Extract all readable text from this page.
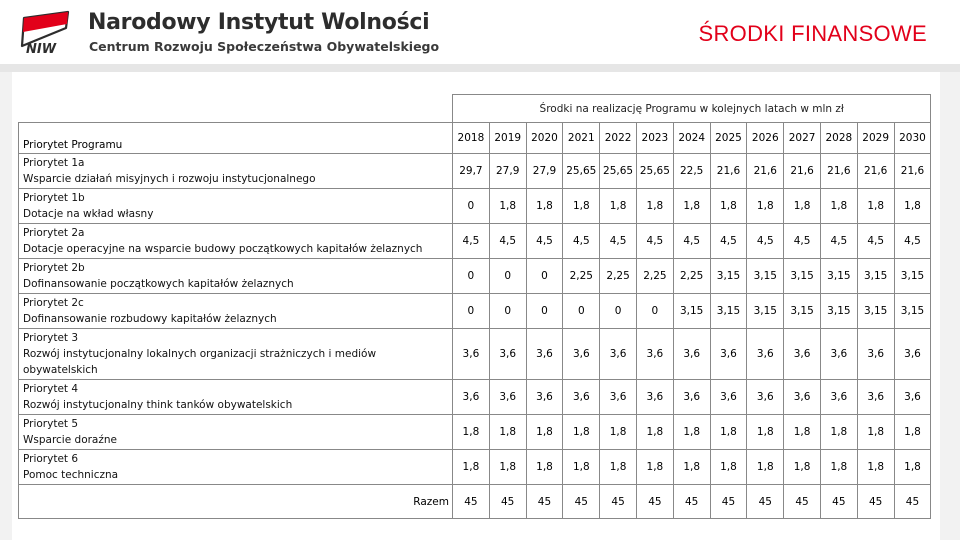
NIW
Narodowy Instytut Wolności
Centrum Rozwoju Społeczeństwa Obywatelskiego
ŚRODKI FINANSOWE
	Środki na realizację Programu w kolejnych latach w mln zł												
Priorytet Programu	2018	2019	2020	2021	2022	2023	2024	2025	2026	2027	2028	2029	2030

Priorytet 1a
Wsparcie działań misyjnych i rozwoju instytucjonalnego	29,7	27,9	27,9	25,65	25,65	25,65	22,5	21,6	21,6	21,6	21,6	21,6	21,6

Priorytet 1b
Dotacje na wkład własny	0	1,8	1,8	1,8	1,8	1,8	1,8	1,8	1,8	1,8	1,8	1,8	1,8

Priorytet 2a
Dotacje operacyjne na wsparcie budowy początkowych kapitałów żelaznych	4,5	4,5	4,5	4,5	4,5	4,5	4,5	4,5	4,5	4,5	4,5	4,5	4,5

Priorytet 2b
Dofinansowanie początkowych kapitałów żelaznych	0	0	0	2,25	2,25	2,25	2,25	3,15	3,15	3,15	3,15	3,15	3,15

Priorytet 2c
Dofinansowanie rozbudowy kapitałów żelaznych	0	0	0	0	0	0	3,15	3,15	3,15	3,15	3,15	3,15	3,15

Priorytet 3
Rozwój instytucjonalny lokalnych organizacji strażniczych i mediów obywatelskich	3,6	3,6	3,6	3,6	3,6	3,6	3,6	3,6	3,6	3,6	3,6	3,6	3,6

Priorytet 4
Rozwój instytucjonalny think tanków obywatelskich	3,6	3,6	3,6	3,6	3,6	3,6	3,6	3,6	3,6	3,6	3,6	3,6	3,6

Priorytet 5
Wsparcie doraźne	1,8	1,8	1,8	1,8	1,8	1,8	1,8	1,8	1,8	1,8	1,8	1,8	1,8

Priorytet 6
Pomoc techniczna	1,8	1,8	1,8	1,8	1,8	1,8	1,8	1,8	1,8	1,8	1,8	1,8	1,8
Razem	45	45	45	45	45	45	45	45	45	45	45	45	45
